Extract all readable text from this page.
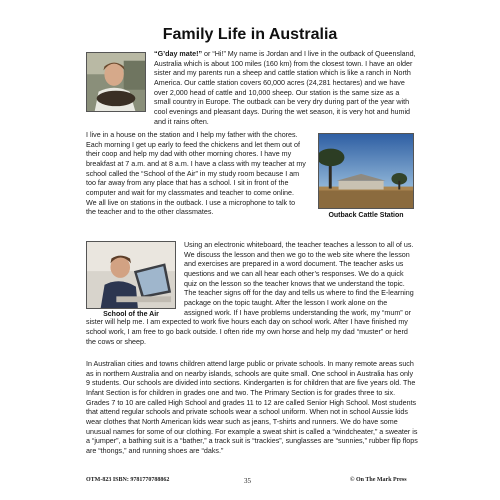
Family Life in Australia
“G’day mate!” or “Hi!” My name is Jordan and I live in the outback of Queensland, Australia which is about 100 miles (160 km) from the closest town. I have an older sister and my parents run a sheep and cattle station which is like a ranch in North America. Our cattle station covers 60,000 acres (24,281 hectares) and we have over 2,000 head of cattle and 10,000 sheep. Our station is the same size as a small country in Europe. The outback can be very dry during part of the year with cool evenings and pleasant days. During the wet season, it is very hot and humid and it rains often.
I live in a house on the station and I help my father with the chores. Each morning I get up early to feed the chickens and let them out of their coop and help my dad with other morning chores. I have my breakfast at 7 a.m. and at 8 a.m. I have a class with my teacher at my school called the “School of the Air” in my study room because I am too far away from any place that has a school. I sit in front of the computer and wait for my classmates and teacher to come online. We all live on stations in the outback. I use a microphone to talk to the teacher and to the other classmates.	Outback Cattle Station
School of the Air
Using an electronic whiteboard, the teacher teaches a lesson to all of us. We discuss the lesson and then we go to the web site where the lesson and exercises are prepared in a word document. The teacher asks us questions and we can all hear each other’s responses. We do a quick quiz on the lesson so the teacher knows that we understand the topic. The teacher signs off for the day and tells us where to find the E-learning package on the topic taught. After the lesson I work alone on the assigned work. If I have problems understanding the work, my “mum” or sister will help me. I am expected to work five hours each day on school work. After I have finished my school work, I am free to go back outside. I often ride my own horse and help my dad “muster” or herd the cows or sheep.
In Australian cities and towns children attend large public or private schools. In many remote areas such as in northern Australia and on nearby islands, schools are quite small. One school in Australia has only 9 students. Our schools are divided into sections. Kindergarten is for children that are five years old. The Infant Section is for children in grades one and two. The Primary Section is for grades three to six. Grades 7 to 10 are called High School and grades 11 to 12 are called Senior High School. Most students that attend regular schools and private schools wear a school uniform. When not in school Aussie kids wear clothes that North American kids wear such as jeans, T-shirts and runners. We do have some unusual names for some of our clothing. For example a sweat shirt is called a “windcheater,” a sweater is a “jumper”, a bathing suit is a “bather,” a track suit is “trackies”, sunglasses are “sunnies,” rubber flip flops are “thongs,” and running shoes are “daks.”
OTM-823 ISBN: 9781770788862	35	© On The Mark Press
